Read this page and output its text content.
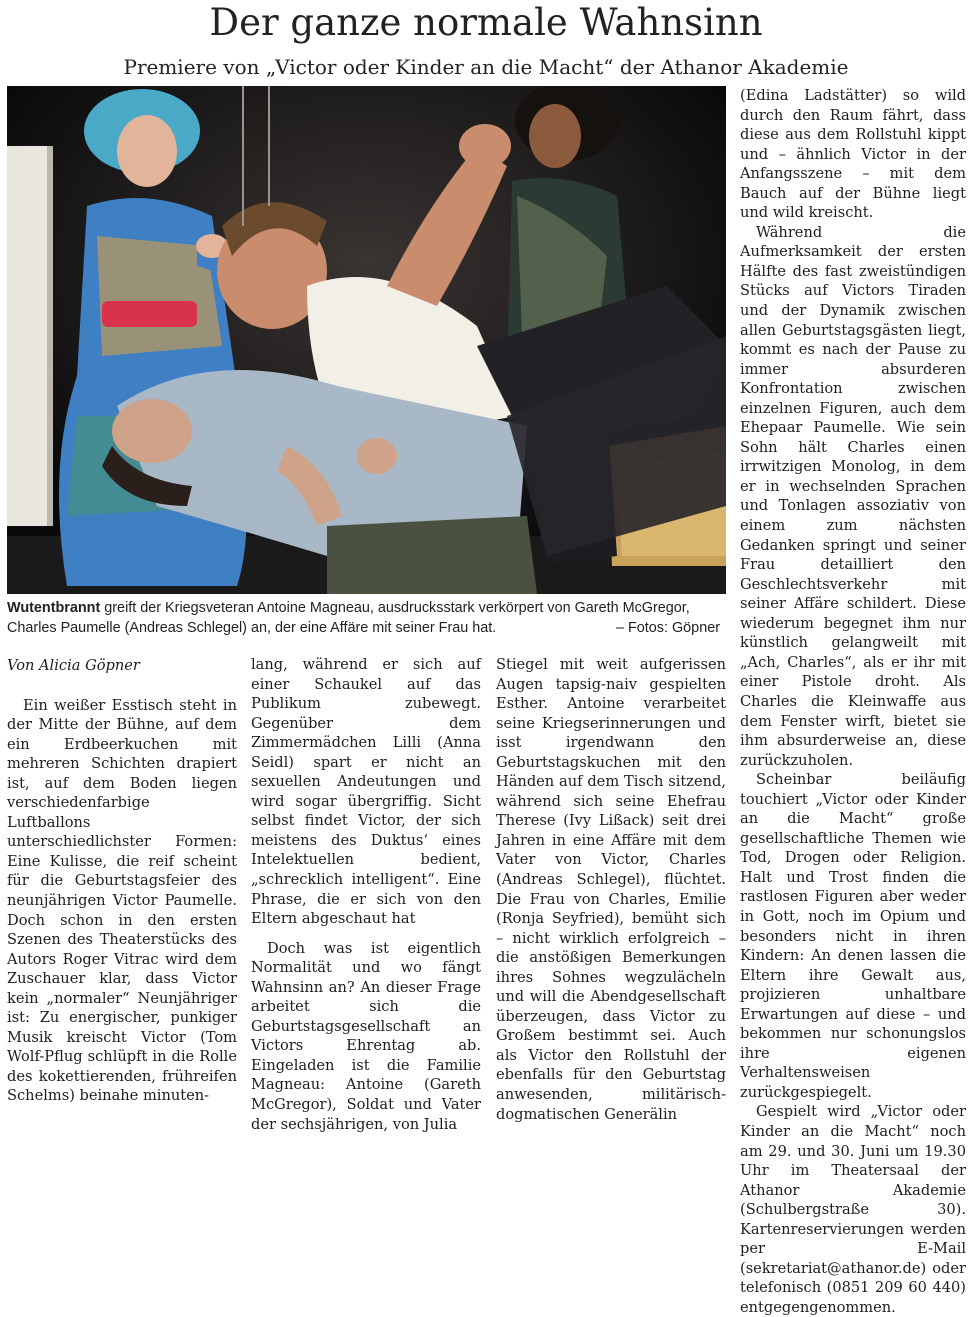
Der ganze normale Wahnsinn
Premiere von „Victor oder Kinder an die Macht“ der Athanor Akademie
Wutentbrannt greift der Kriegsveteran Antoine Magneau, ausdrucksstark verkörpert von Gareth McGregor, Charles Paumelle (Andreas Schlegel) an, der eine Affäre mit seiner Frau hat.	– Fotos: Göpner

Von Alicia Göpner

Ein weißer Esstisch steht in der Mitte der Bühne, auf dem ein Erdbeerkuchen mit mehreren Schichten drapiert ist, auf dem Boden liegen verschiedenfarbige Luftballons unterschiedlichster Formen: Eine Kulisse, die reif scheint für die Geburtstagsfeier des neunjährigen Victor Paumelle. Doch schon in den ersten Szenen des Theaterstücks des Autors Roger Vitrac wird dem Zuschauer klar, dass Victor kein „normaler“ Neunjähriger ist: Zu energischer, punkiger Musik kreischt Victor (Tom Wolf-Pflug schlüpft in die Rolle des kokettierenden, frühreifen Schelms) beinahe minuten-

lang, während er sich auf einer Schaukel auf das Publikum zubewegt. Gegenüber dem Zimmermädchen Lilli (Anna Seidl) spart er nicht an sexuellen Andeutungen und wird sogar übergriffig. Sicht selbst findet Victor, der sich meistens des Duktus‘ eines Intelektuellen bedient, „schrecklich intelligent“. Eine Phrase, die er sich von den Eltern abgeschaut hat

Doch was ist eigentlich Normalität und wo fängt Wahnsinn an? An dieser Frage arbeitet sich die Geburtstagsgesellschaft an Victors Ehrentag ab. Eingeladen ist die Familie Magneau: Antoine (Gareth McGregor), Soldat und Vater der sechsjährigen, von Julia

Stiegel mit weit aufgerissen Augen tapsig-naiv gespielten Esther. Antoine verarbeitet seine Kriegserinnerungen und isst irgendwann den Geburtstagskuchen mit den Händen auf dem Tisch sitzend, während sich seine Ehefrau Therese (Ivy Lißack) seit drei Jahren in eine Affäre mit dem Vater von Victor, Charles (Andreas Schlegel), flüchtet. Die Frau von Charles, Emilie (Ronja Seyfried), bemüht sich – nicht wirklich erfolgreich – die anstößigen Bemerkungen ihres Sohnes wegzulächeln und will die Abendgesellschaft überzeugen, dass Victor zu Großem bestimmt sei. Auch als Victor den Rollstuhl der ebenfalls für den Geburtstag anwesenden, militärisch-dogmatischen Generälin

(Edina Ladstätter) so wild durch den Raum fährt, dass diese aus dem Rollstuhl kippt und – ähnlich Victor in der Anfangsszene – mit dem Bauch auf der Bühne liegt und wild kreischt.

Während die Aufmerksamkeit der ersten Hälfte des fast zweistündigen Stücks auf Victors Tiraden und der Dynamik zwischen allen Geburtstagsgästen liegt, kommt es nach der Pause zu immer absurderen Konfrontation zwischen einzelnen Figuren, auch dem Ehepaar Paumelle. Wie sein Sohn hält Charles einen irrwitzigen Monolog, in dem er in wechselnden Sprachen und Tonlagen assoziativ von einem zum nächsten Gedanken springt und seiner Frau detailliert den Geschlechtsverkehr mit seiner Affäre schildert. Diese wiederum begegnet ihm nur künstlich gelangweilt mit „Ach, Charles“, als er ihr mit einer Pistole droht. Als Charles die Kleinwaffe aus dem Fenster wirft, bietet sie ihm absurderweise an, diese zurückzuholen.

Scheinbar beiläufig touchiert „Victor oder Kinder an die Macht“ große gesellschaftliche Themen wie Tod, Drogen oder Religion. Halt und Trost finden die rastlosen Figuren aber weder in Gott, noch im Opium und besonders nicht in ihren Kindern: An denen lassen die Eltern ihre Gewalt aus, projizieren unhaltbare Erwartungen auf diese – und bekommen nur schonungslos ihre eigenen Verhaltensweisen zurückgespiegelt.

Gespielt wird „Victor oder Kinder an die Macht“ noch am 29. und 30. Juni um 19.30 Uhr im Theatersaal der Athanor Akademie (Schulbergstraße 30). Kartenreservierungen werden per E-Mail (sekretariat@athanor.de) oder telefonisch (0851 209 60 440) entgegengenommen.
